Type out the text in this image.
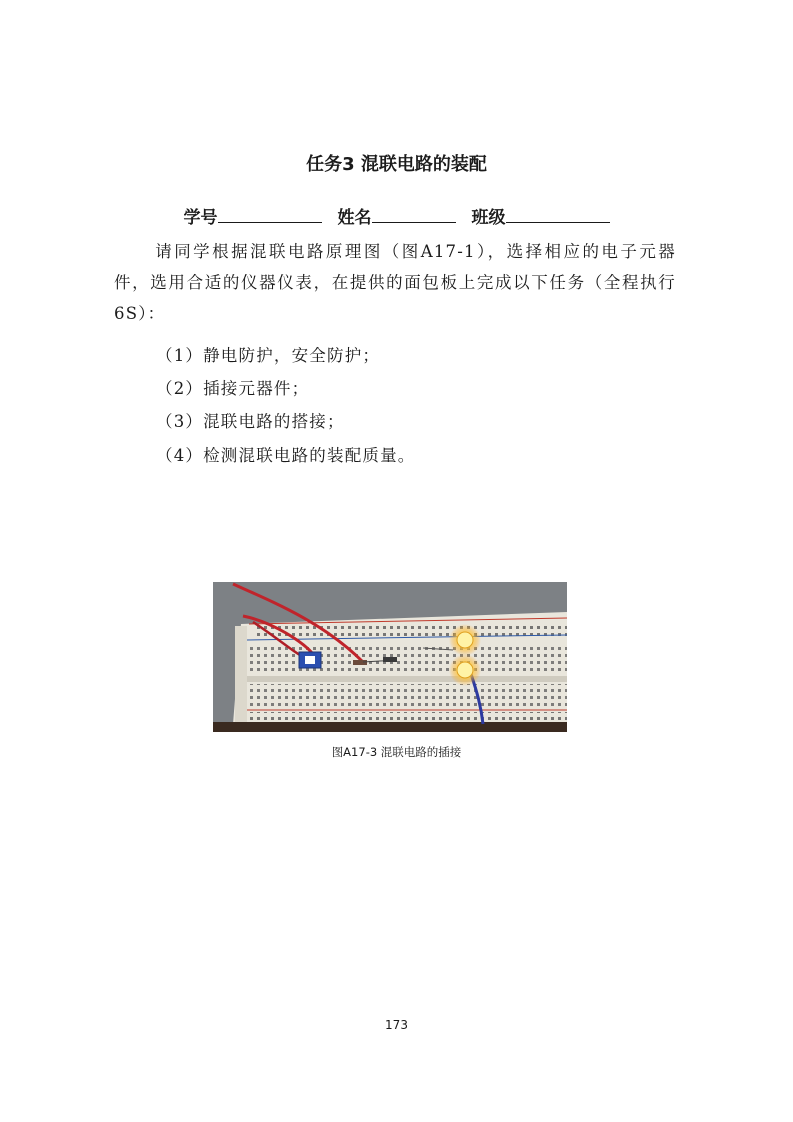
任务3 混联电路的装配
学号	姓名	班级
请同学根据混联电路原理图（图A17-1），选择相应的电子元器件，选用合适的仪器仪表，在提供的面包板上完成以下任务（全程执行6S）：
（1）静电防护，安全防护；
（2）插接元器件；
（3）混联电路的搭接；
（4）检测混联电路的装配质量。
图A17-3 混联电路的插接
173
